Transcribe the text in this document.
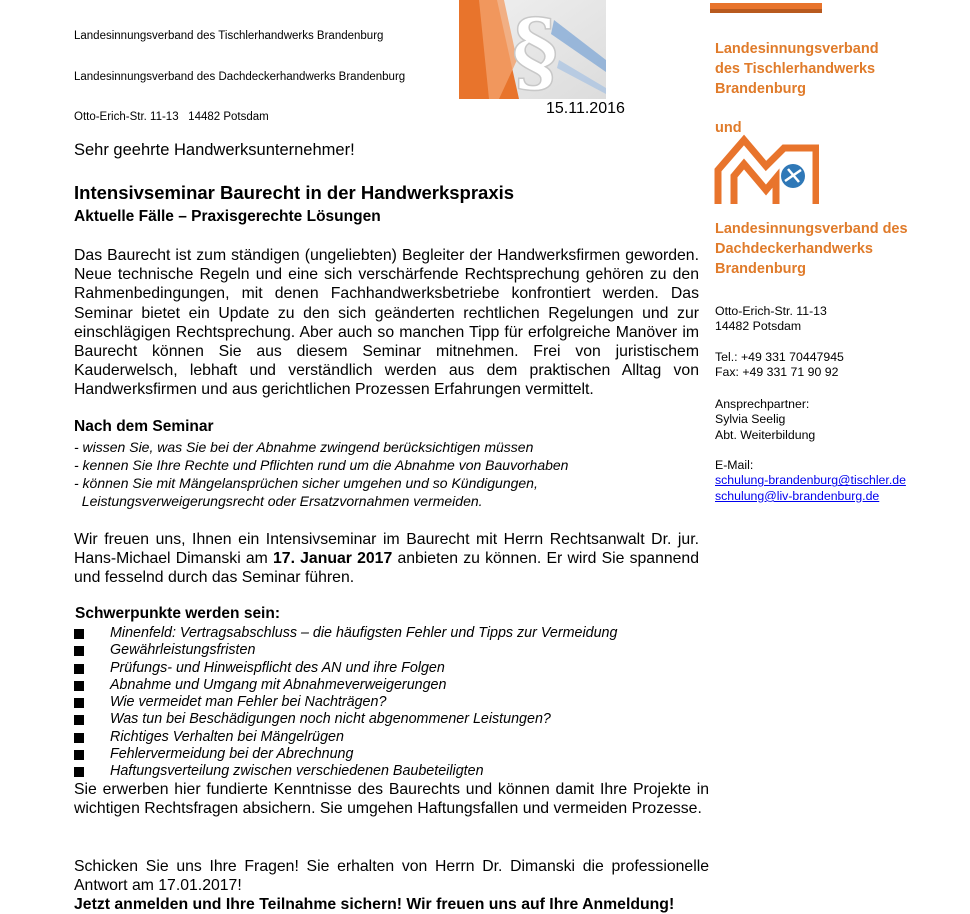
Landesinnungsverband des Tischlerhandwerks Brandenburg

Landesinnungsverband des Dachdeckerhandwerks Brandenburg

Otto-Erich-Str. 11-13   14482 Potsdam

§
15.11.2016
Sehr geehrte Handwerksunternehmer!
Intensivseminar Baurecht in der Handwerkspraxis
Aktuelle Fälle – Praxisgerechte Lösungen

Das Baurecht ist zum ständigen (ungeliebten) Begleiter der Handwerksfirmen geworden. Neue technische Regeln und eine sich verschärfende Rechtsprechung gehören zu den Rahmenbedingungen, mit denen Fachhandwerksbetriebe konfrontiert werden. Das Seminar bietet ein Update zu den sich geänderten rechtlichen Regelungen und zur einschlägigen Rechtsprechung. Aber auch so manchen Tipp für erfolgreiche Manöver im Baurecht können Sie aus diesem Seminar mitnehmen. Frei von juristischem Kauderwelsch, lebhaft und verständlich werden aus dem praktischen Alltag von Handwerksfirmen und aus gerichtlichen Prozessen Erfahrungen vermittelt.

Nach dem Seminar
- wissen Sie, was Sie bei der Abnahme zwingend berücksichtigen müssen
- kennen Sie Ihre Rechte und Pflichten rund um die Abnahme von Bauvorhaben
- können Sie mit Mängelansprüchen sicher umgehen und so Kündigungen,
Leistungsverweigerungsrecht oder Ersatzvornahmen vermeiden.

Wir freuen uns, Ihnen ein Intensivseminar im Baurecht mit Herrn Rechtsanwalt Dr. jur. Hans-Michael Dimanski am 17. Januar 2017 anbieten zu können. Er wird Sie spannend und fesselnd durch das Seminar führen.

Schwerpunkte werden sein:
Minenfeld: Vertragsabschluss – die häufigsten Fehler und Tipps zur Vermeidung
Gewährleistungsfristen
Prüfungs- und Hinweispflicht des AN und ihre Folgen
Abnahme und Umgang mit Abnahmeverweigerungen
Wie vermeidet man Fehler bei Nachträgen?
Was tun bei Beschädigungen noch nicht abgenommener Leistungen?
Richtiges Verhalten bei Mängelrügen
Fehlervermeidung bei der Abrechnung
Haftungsverteilung zwischen verschiedenen Baubeteiligten
Sie erwerben hier fundierte Kenntnisse des Baurechts und können damit Ihre Projekte in wichtigen Rechtsfragen absichern. Sie umgehen Haftungsfallen und vermeiden Prozesse.
Schicken Sie uns Ihre Fragen! Sie erhalten von Herrn Dr. Dimanski die professionelle Antwort am 17.01.2017!
Jetzt anmelden und Ihre Teilnahme sichern! Wir freuen uns auf Ihre Anmeldung!
Landesinnungsverband
des Tischlerhandwerks
Brandenburg
und
Landesinnungsverband des
Dachdeckerhandwerks
Brandenburg
Otto-Erich-Str. 11-13
14482 Potsdam
Tel.: +49 331 70447945
Fax: +49 331 71 90 92
Ansprechpartner:
Sylvia Seelig
Abt. Weiterbildung
E-Mail:
schulung-brandenburg@tischler.de
schulung@liv-brandenburg.de
